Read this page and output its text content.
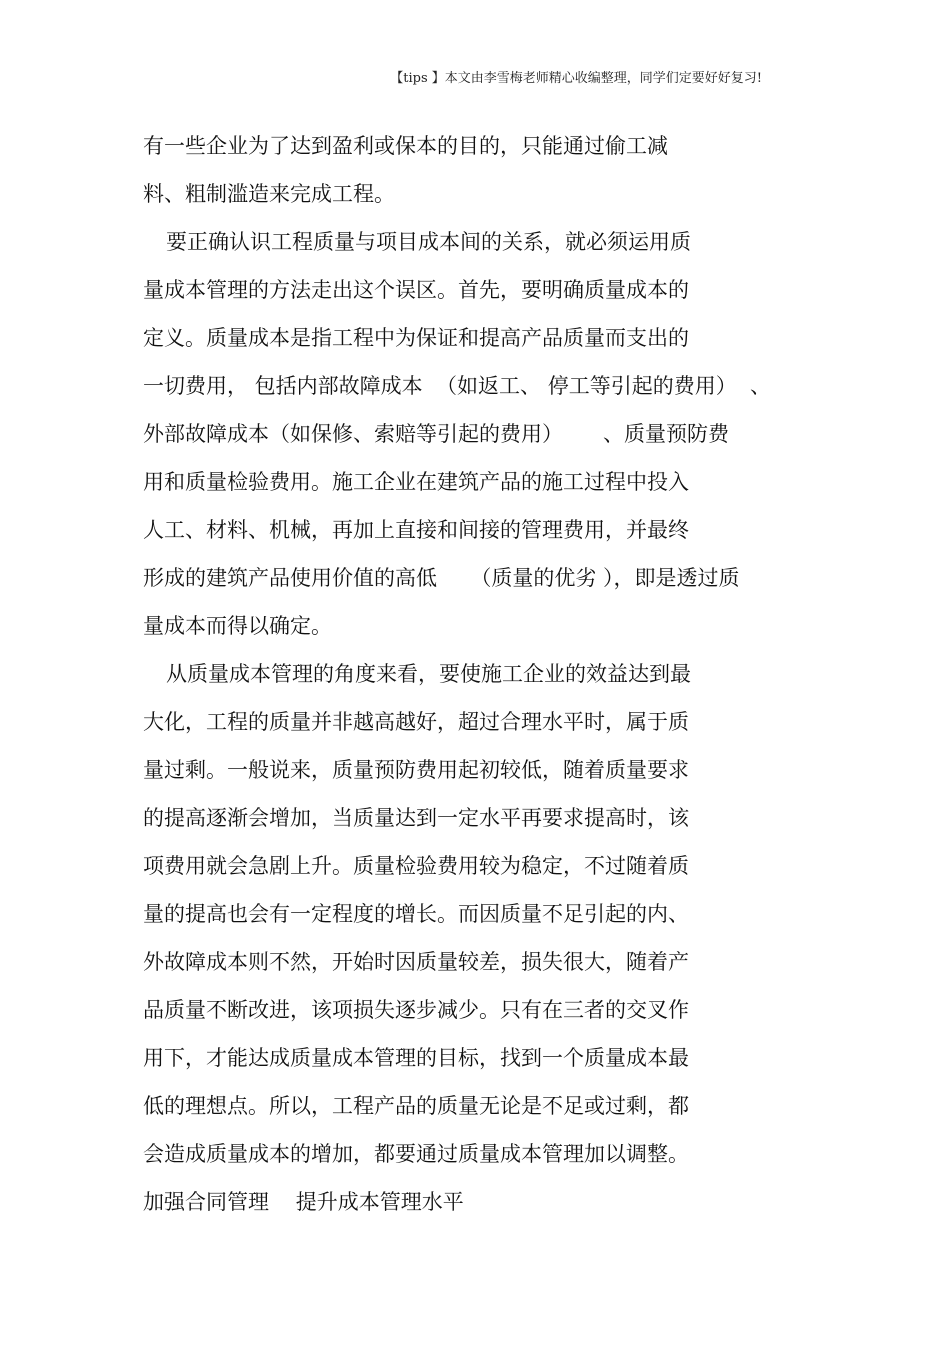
【tips 】本文由李雪梅老师精心收编整理，同学们定要好好复习!
有一些企业为了达到盈利或保本的目的，只能通过偷工减
料、粗制滥造来完成工程。
要正确认识工程质量与项目成本间的关系，就必须运用质
量成本管理的方法走出这个误区。首先，要明确质量成本的
定义。质量成本是指工程中为保证和提高产品质量而支出的
一切费用， 包括内部故障成本  （如返工、 停工等引起的费用）  、
外部故障成本（如保修、索赔等引起的费用）      、质量预防费
用和质量检验费用。施工企业在建筑产品的施工过程中投入
人工、材料、机械，再加上直接和间接的管理费用，并最终
形成的建筑产品使用价值的高低     （质量的优劣 ），即是透过质
量成本而得以确定。
从质量成本管理的角度来看，要使施工企业的效益达到最
大化，工程的质量并非越高越好，超过合理水平时，属于质
量过剩。一般说来，质量预防费用起初较低，随着质量要求
的提高逐渐会增加，当质量达到一定水平再要求提高时，该
项费用就会急剧上升。质量检验费用较为稳定，不过随着质
量的提高也会有一定程度的增长。而因质量不足引起的内、
外故障成本则不然，开始时因质量较差，损失很大，随着产
品质量不断改进，该项损失逐步减少。只有在三者的交叉作
用下，才能达成质量成本管理的目标，找到一个质量成本最
低的理想点。所以，工程产品的质量无论是不足或过剩，都
会造成质量成本的增加，都要通过质量成本管理加以调整。
加强合同管理    提升成本管理水平
